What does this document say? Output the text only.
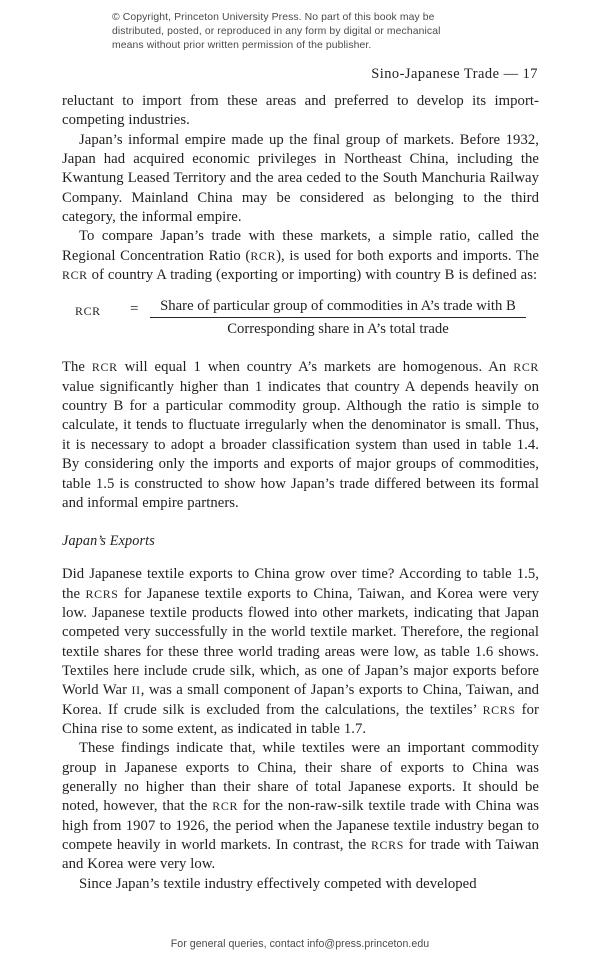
© Copyright, Princeton University Press. No part of this book may be
distributed, posted, or reproduced in any form by digital or mechanical
means without prior written permission of the publisher.
Sino-Japanese Trade — 17

reluctant to import from these areas and preferred to develop its import-competing industries.

Japan’s informal empire made up the final group of markets. Before 1932, Japan had acquired economic privileges in Northeast China, including the Kwantung Leased Territory and the area ceded to the South Manchuria Railway Company. Mainland China may be considered as belonging to the third category, the informal empire.

To compare Japan’s trade with these markets, a simple ratio, called the Regional Concentration Ratio (RCR), is used for both exports and imports. The RCR of country A trading (exporting or importing) with country B is defined as:

RCR =	Share of particular group of commodities in A’s trade with B
Corresponding share in A’s total trade

The RCR will equal 1 when country A’s markets are homogenous. An RCR value significantly higher than 1 indicates that country A depends heavily on country B for a particular commodity group. Although the ratio is simple to calculate, it tends to fluctuate irregularly when the denominator is small. Thus, it is necessary to adopt a broader classification system than used in table 1.4. By considering only the imports and exports of major groups of commodities, table 1.5 is constructed to show how Japan’s trade differed between its formal and informal empire partners.

Japan’s Exports

Did Japanese textile exports to China grow over time? According to table 1.5, the RCRS for Japanese textile exports to China, Taiwan, and Korea were very low. Japanese textile products flowed into other markets, indicating that Japan competed very successfully in the world textile market. Therefore, the regional textile shares for these three world trading areas were low, as table 1.6 shows. Textiles here include crude silk, which, as one of Japan’s major exports before World War II, was a small component of Japan’s exports to China, Taiwan, and Korea. If crude silk is excluded from the calculations, the textiles’ RCRS for China rise to some extent, as indicated in table 1.7.

These findings indicate that, while textiles were an important commodity group in Japanese exports to China, their share of exports to China was generally no higher than their share of total Japanese exports. It should be noted, however, that the RCR for the non-raw-silk textile trade with China was high from 1907 to 1926, the period when the Japanese textile industry began to compete heavily in world markets. In contrast, the RCRS for trade with Taiwan and Korea were very low.

Since Japan’s textile industry effectively competed with developed

For general queries, contact info@press.princeton.edu
